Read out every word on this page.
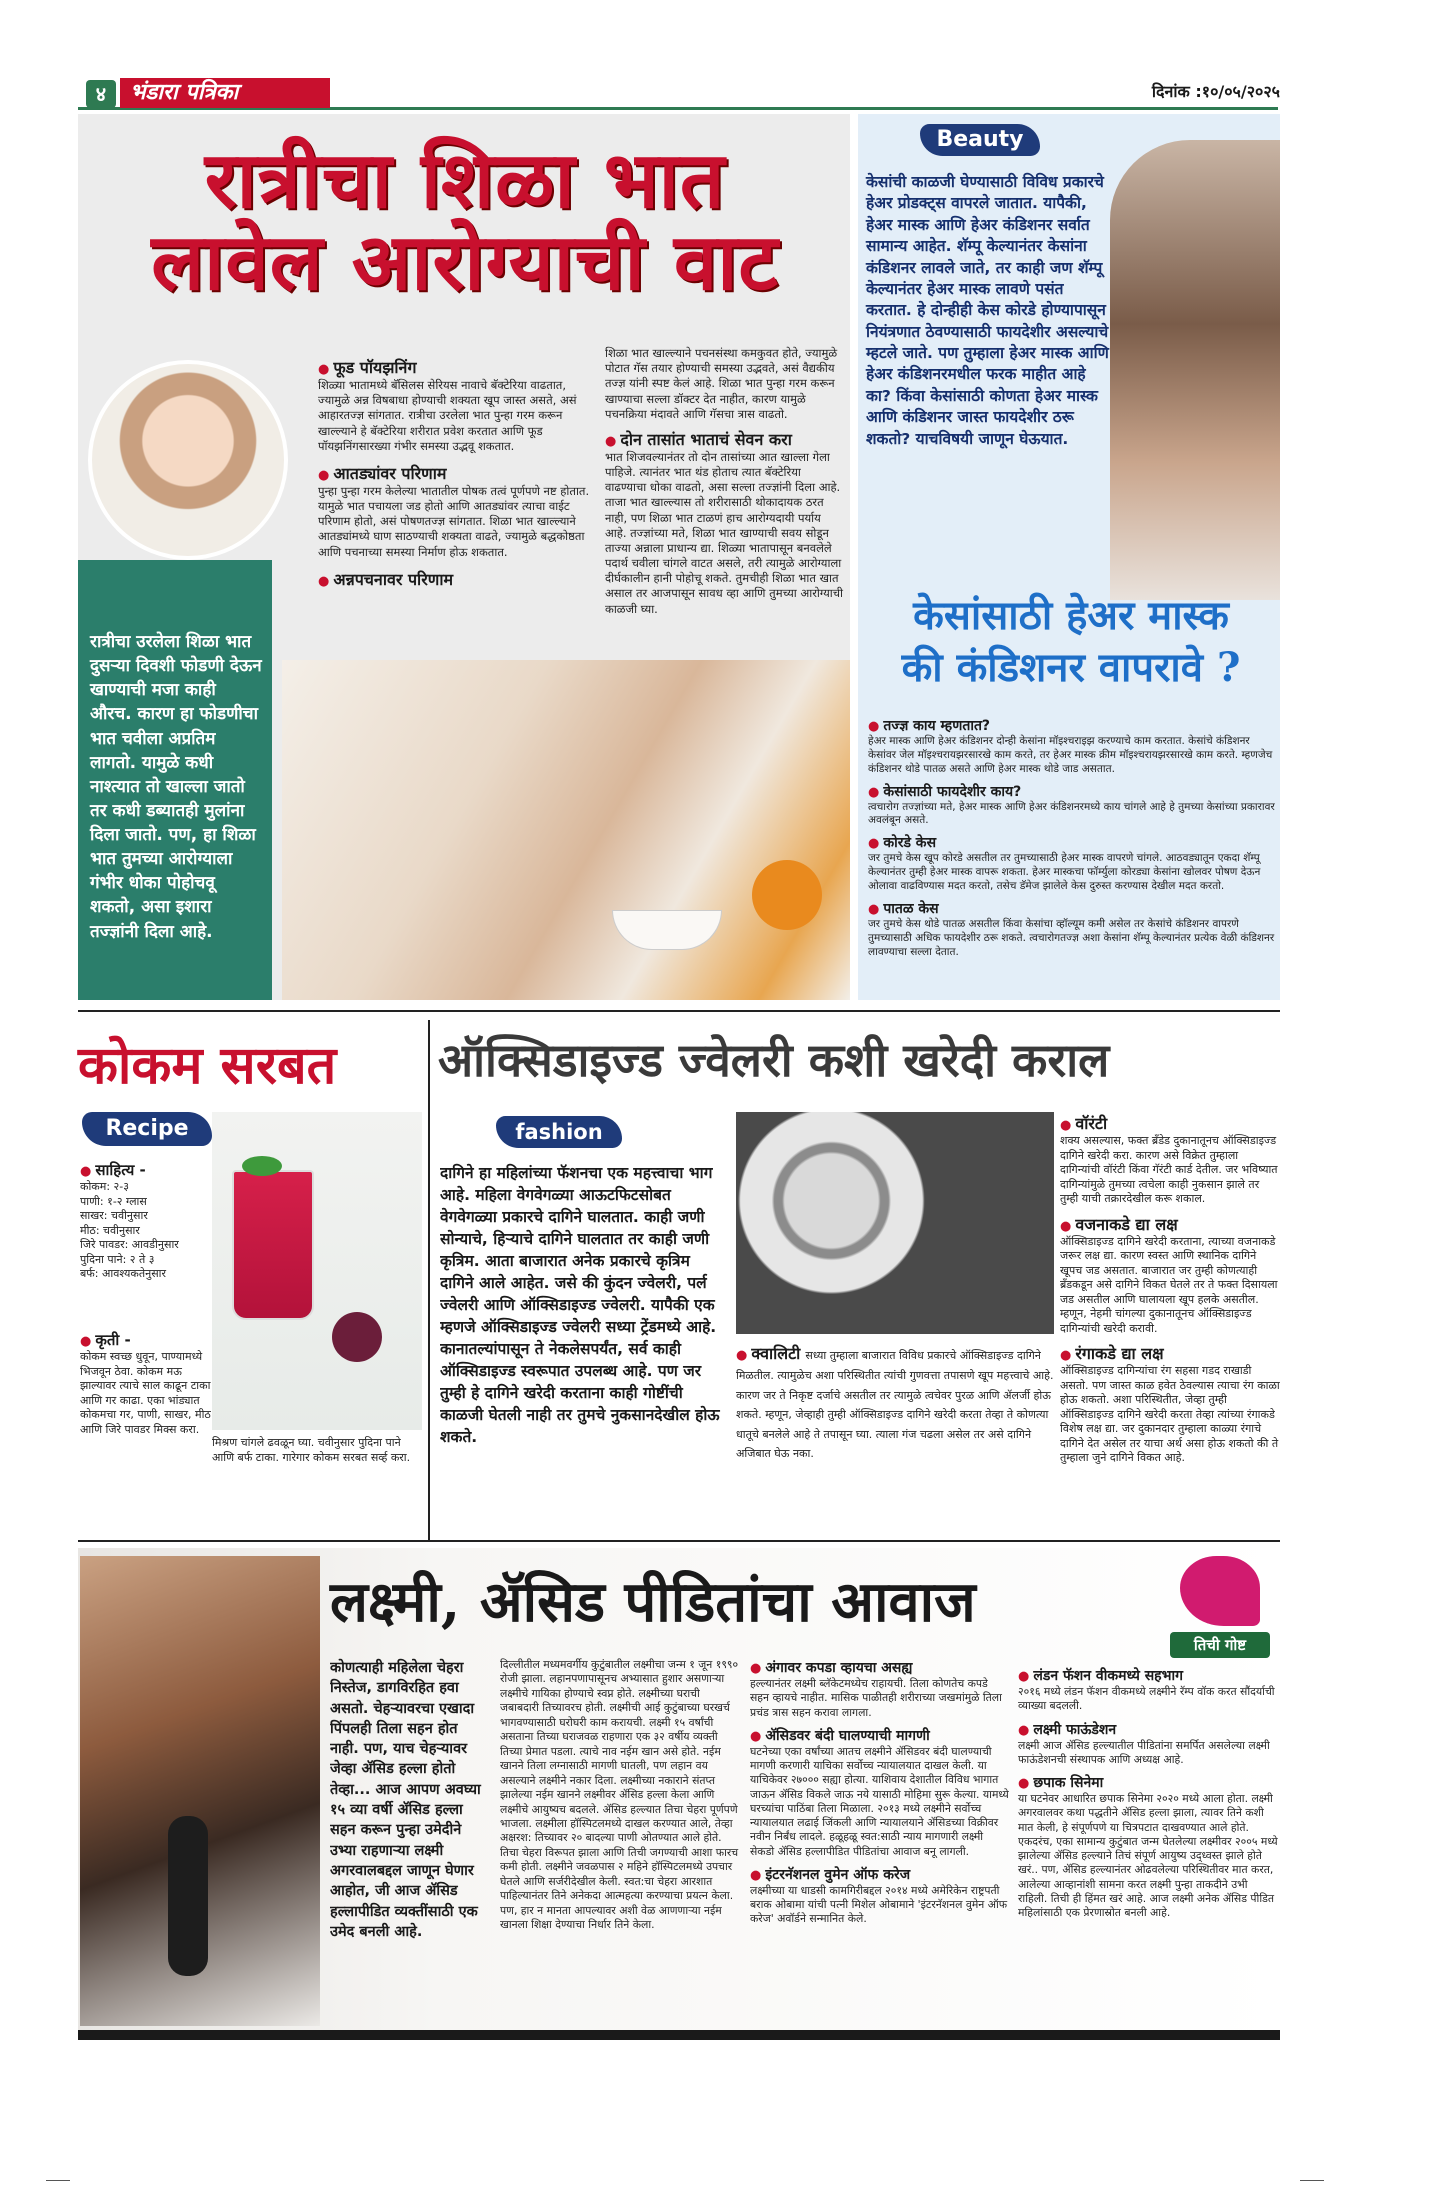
४	भंडारा पत्रिका	दिनांक :१०/०५/२०२५
रात्रीचा शिळा भात
लावेल आरोग्याची वाट
रात्रीचा उरलेला शिळा भात दुसऱ्या दिवशी फोडणी देऊन खाण्याची मजा काही औरच. कारण हा फोडणीचा भात चवीला अप्रतिम लागतो. यामुळे कधी नाश्त्यात तो खाल्ला जातो तर कधी डब्यातही मुलांना दिला जातो. पण, हा शिळा भात तुमच्या आरोग्याला गंभीर धोका पोहोचवू शकतो, असा इशारा तज्ज्ञांनी दिला आहे.
● फूड पॉयझनिंग
शिळ्या भातामध्ये बॅसिलस सेरियस नावाचे बॅक्टेरिया वाढतात, ज्यामुळे अन्न विषबाधा होण्याची शक्यता खूप जास्त असते, असं आहारतज्ज्ञ सांगतात. रात्रीचा उरलेला भात पुन्हा गरम करून खाल्ल्याने हे बॅक्टेरिया शरीरात प्रवेश करतात आणि फूड पॉयझनिंगसारख्या गंभीर समस्या उद्भवू शकतात.
● आतड्यांवर परिणाम
पुन्हा पुन्हा गरम केलेल्या भातातील पोषक तत्वं पूर्णपणे नष्ट होतात. यामुळे भात पचायला जड होतो आणि आतड्यांवर त्याचा वाईट परिणाम होतो, असं पोषणतज्ज्ञ सांगतात. शिळा भात खाल्ल्याने आतड्यांमध्ये घाण साठण्याची शक्यता वाढते, ज्यामुळे बद्धकोष्ठता आणि पचनाच्या समस्या निर्माण होऊ शकतात.
● अन्नपचनावर परिणाम
शिळा भात खाल्ल्याने पचनसंस्था कमकुवत होते, ज्यामुळे पोटात गॅस तयार होण्याची समस्या उद्भवते, असं वैद्यकीय तज्ज्ञ यांनी स्पष्ट केलं आहे. शिळा भात पुन्हा गरम करून खाण्याचा सल्ला डॉक्टर देत नाहीत, कारण यामुळे पचनक्रिया मंदावते आणि गॅसचा त्रास वाढतो.
● दोन तासांत भाताचं सेवन करा
भात शिजवल्यानंतर तो दोन तासांच्या आत खाल्ला गेला पाहिजे. त्यानंतर भात थंड होताच त्यात बॅक्टेरिया वाढण्याचा धोका वाढतो, असा सल्ला तज्ज्ञांनी दिला आहे. ताजा भात खाल्ल्यास तो शरीरासाठी थोकादायक ठरत नाही, पण शिळा भात टाळणं हाच आरोग्यदायी पर्याय आहे. तज्ज्ञांच्या मते, शिळा भात खाण्याची सवय सोडून ताज्या अन्नाला प्राधान्य द्या. शिळ्या भातापासून बनवलेले पदार्थ चवीला चांगले वाटत असले, तरी त्यामुळे आरोग्याला दीर्घकालीन हानी पोहोचू शकते. तुमचीही शिळा भात खात असाल तर आजपासून सावध व्हा आणि तुमच्या आरोग्याची काळजी घ्या.
Beauty
केसांची काळजी घेण्यासाठी विविध प्रकारचे हेअर प्रोडक्ट्स वापरले जातात. यापैकी, हेअर मास्क आणि हेअर कंडिशनर सर्वात सामान्य आहेत. शॅम्पू केल्यानंतर केसांना कंडिशनर लावले जाते, तर काही जण शॅम्पू केल्यानंतर हेअर मास्क लावणे पसंत करतात. हे दोन्हीही केस कोरडे होण्यापासून नियंत्रणात ठेवण्यासाठी फायदेशीर असल्याचे म्हटले जाते. पण तुम्हाला हेअर मास्क आणि हेअर कंडिशनरमधील फरक माहीत आहे का? किंवा केसांसाठी कोणता हेअर मास्क आणि कंडिशनर जास्त फायदेशीर ठरू शकतो? याचविषयी जाणून घेऊयात.
केसांसाठी हेअर मास्क
की कंडिशनर वापरावे ?
● तज्ज्ञ काय म्हणतात?
हेअर मास्क आणि हेअर कंडिशनर दोन्ही केसांना मॉइश्चराइझ करण्याचे काम करतात. केसांचे कंडिशनर केसांवर जेल मॉइश्चरायझरसारखे काम करते, तर हेअर मास्क क्रीम मॉइश्चरायझरसारखे काम करते. म्हणजेच कंडिशनर थोडे पातळ असते आणि हेअर मास्क थोडे जाड असतात.
● केसांसाठी फायदेशीर काय?
त्वचारोग तज्ज्ञांच्या मते, हेअर मास्क आणि हेअर कंडिशनरमध्ये काय चांगले आहे हे तुमच्या केसांच्या प्रकारावर अवलंबून असते.
● कोरडे केस
जर तुमचे केस खूप कोरडे असतील तर तुमच्यासाठी हेअर मास्क वापरणे चांगले. आठवड्यातून एकदा शॅम्पू केल्यानंतर तुम्ही हेअर मास्क वापरू शकता. हेअर मास्कचा फॉर्म्युला कोरड्या केसांना खोलवर पोषण देऊन ओलावा वाढविण्यास मदत करतो, तसेच डॅमेज झालेले केस दुरुस्त करण्यास देखील मदत करतो.
● पातळ केस
जर तुमचे केस थोडे पातळ असतील किंवा केसांचा व्हॉल्यूम कमी असेल तर केसांचे कंडिशनर वापरणे तुमच्यासाठी अधिक फायदेशीर ठरू शकते. त्वचारोगतज्ज्ञ अशा केसांना शॅम्पू केल्यानंतर प्रत्येक वेळी कंडिशनर लावण्याचा सल्ला देतात.
कोकम सरबत
Recipe
● साहित्य -
कोकम: २-३
पाणी: १-२ ग्लास
साखर: चवीनुसार
मीठ: चवीनुसार
जिरे पावडर: आवडीनुसार
पुदिना पाने: २ ते ३
बर्फ: आवश्यकतेनुसार
● कृती -
कोकम स्वच्छ धुवून, पाण्यामध्ये भिजवून ठेवा. कोकम मऊ झाल्यावर त्याचे साल काढून टाका आणि गर काढा. एका भांड्यात कोकमचा गर, पाणी, साखर, मीठ आणि जिरे पावडर मिक्स करा.
मिश्रण चांगले ढवळून घ्या. चवीनुसार पुदिना पाने आणि बर्फ टाका. गारेगार कोकम सरबत सर्व्ह करा.
ऑक्सिडाइज्ड ज्वेलरी कशी खरेदी कराल
fashion
दागिने हा महिलांच्या फॅशनचा एक महत्त्वाचा भाग आहे. महिला वेगवेगळ्या आऊटफिटसोबत वेगवेगळ्या प्रकारचे दागिने घालतात. काही जणी सोन्याचे, हिऱ्याचे दागिने घालतात तर काही जणी कृत्रिम. आता बाजारात अनेक प्रकारचे कृत्रिम दागिने आले आहेत. जसे की कुंदन ज्वेलरी, पर्ल ज्वेलरी आणि ऑक्सिडाइज्ड ज्वेलरी. यापैकी एक म्हणजे ऑक्सिडाइज्ड ज्वेलरी सध्या ट्रेंडमध्ये आहे. कानातल्यांपासून ते नेकलेसपर्यंत, सर्व काही ऑक्सिडाइज्ड स्वरूपात उपलब्ध आहे. पण जर तुम्ही हे दागिने खरेदी करताना काही गोष्टींची काळजी घेतली नाही तर तुमचे नुकसानदेखील होऊ शकते.
● क्वालिटी सध्या तुम्हाला बाजारात विविध प्रकारचे ऑक्सिडाइज्ड दागिने मिळतील. त्यामुळेच अशा परिस्थितीत त्यांची गुणवत्ता तपासणे खूप महत्त्वाचे आहे. कारण जर ते निकृष्ट दर्जाचे असतील तर त्यामुळे त्वचेवर पुरळ आणि ॲलर्जी होऊ शकते. म्हणून, जेव्हाही तुम्ही ऑक्सिडाइज्ड दागिने खरेदी करता तेव्हा ते कोणत्या धातूचे बनलेले आहे ते तपासून घ्या. त्याला गंज चढला असेल तर असे दागिने अजिबात घेऊ नका.
● वॉरंटी
शक्य असल्यास, फक्त ब्रँडेड दुकानातूनच ऑक्सिडाइज्ड दागिने खरेदी करा. कारण असे विक्रेत तुम्हाला दागिन्यांची वॉरंटी किंवा गॅरंटी कार्ड देतील. जर भविष्यात दागिन्यांमुळे तुमच्या त्वचेला काही नुकसान झाले तर तुम्ही याची तक्रारदेखील करू शकाल.
● वजनाकडे द्या लक्ष
ऑक्सिडाइज्ड दागिने खरेदी करताना, त्याच्या वजनाकडे जरूर लक्ष द्या. कारण स्वस्त आणि स्थानिक दागिने खूपच जड असतात. बाजारात जर तुम्ही कोणत्याही ब्रँडकडून असे दागिने विकत घेतले तर ते फक्त दिसायला जड असतील आणि घालायला खूप हलके असतील. म्हणून, नेहमी चांगल्या दुकानातूनच ऑक्सिडाइज्ड दागिन्यांची खरेदी करावी.
● रंगाकडे द्या लक्ष
ऑक्सिडाइज्ड दागिन्यांचा रंग सहसा गडद राखाडी असतो. पण जास्त काळ हवेत ठेवल्यास त्याचा रंग काळा होऊ शकतो. अशा परिस्थितीत, जेव्हा तुम्ही ऑक्सिडाइज्ड दागिने खरेदी करता तेव्हा त्यांच्या रंगाकडे विशेष लक्ष द्या. जर दुकानदार तुम्हाला काळ्या रंगाचे दागिने देत असेल तर याचा अर्थ असा होऊ शकतो की ते तुम्हाला जुने दागिने विकत आहे.
लक्ष्मी, ॲसिड पीडितांचा आवाज
तिची गोष्ट
कोणत्याही महिलेला चेहरा निस्तेज, डागविरहित हवा असतो. चेहऱ्यावरचा एखादा पिंपलही तिला सहन होत नाही. पण, याच चेहऱ्यावर जेव्हा ॲसिड हल्ला होतो तेव्हा... आज आपण अवघ्या १५ व्या वर्षी ॲसिड हल्ला सहन करून पुन्हा उमेदीने उभ्या राहणाऱ्या लक्ष्मी अगरवालबद्दल जाणून घेणार आहोत, जी आज ॲसिड हल्लापीडित व्यक्तींसाठी एक उमेद बनली आहे.
दिल्लीतील मध्यमवर्गीय कुटुंबातील लक्ष्मीचा जन्म १ जून १९९० रोजी झाला. लहानपणापासूनच अभ्यासात हुशार असणाऱ्या लक्ष्मीचे गायिका होण्याचे स्वप्न होते. लक्ष्मीच्या घराची जबाबदारी तिच्यावरच होती. लक्ष्मीची आई कुटुंबाच्या घरखर्च भागवण्यासाठी घरोघरी काम करायची. लक्ष्मी १५ वर्षांची असताना तिच्या घराजवळ राहणारा एक ३२ वर्षीय व्यक्ती तिच्या प्रेमात पडला. त्याचे नाव नईम खान असे होते. नईम खानने तिला लग्नासाठी मागणी घातली, पण लहान वय असल्याने लक्ष्मीने नकार दिला. लक्ष्मीच्या नकाराने संतप्त झालेल्या नईम खानने लक्ष्मीवर ॲसिड हल्ला केला आणि लक्ष्मीचे आयुष्यच बदलले. ॲसिड हल्ल्यात तिचा चेहरा पूर्णपणे भाजला. लक्ष्मीला हॉस्पिटलमध्ये दाखल करण्यात आले, तेव्हा अक्षरश: तिच्यावर २० बादल्या पाणी ओतण्यात आले होते. तिचा चेहरा विरूपत झाला आणि तिची जगण्याची आशा फारच कमी होती. लक्ष्मीने जवळपास २ महिने हॉस्पिटलमध्ये उपचार घेतले आणि सर्जरीदेखील केली. स्वत:चा चेहरा आरशात पाहिल्यानंतर तिने अनेकदा आत्महत्या करण्याचा प्रयत्न केला. पण, हार न मानता आपल्यावर अशी वेळ आणणाऱ्या नईम खानला शिक्षा देण्याचा निर्धार तिने केला.
● अंगावर कपडा व्हायचा असह्य
हल्ल्यानंतर लक्ष्मी ब्लॅकेटमध्येच राहायची. तिला कोणतेच कपडे सहन व्हायचे नाहीत. मासिक पाळीतही शरीराच्या जखमांमुळे तिला प्रचंड त्रास सहन करावा लागला.
● ॲसिडवर बंदी घालण्याची मागणी
घटनेच्या एका वर्षांच्या आतच लक्ष्मीने ॲसिडवर बंदी घालण्याची मागणी करणारी याचिका सर्वोच्च न्यायालयात दाखल केली. या याचिकेवर २७००० सह्या होत्या. याशिवाय देशातील विविध भागात जाऊन ॲसिड विकले जाऊ नये यासाठी मोहिमा सुरू केल्या. यामध्ये घरच्यांचा पाठिंबा तिला मिळाला. २०१३ मध्ये लक्ष्मीने सर्वोच्च न्यायालयात लढाई जिंकली आणि न्यायालयाने ॲसिडच्या विक्रीवर नवीन निर्बंध लादले. हळूहळू स्वत:साठी न्याय मागणारी लक्ष्मी सेकडो ॲसिड हल्लापीडित पीडितांचा आवाज बनू लागली.
● इंटरनॅशनल वुमेन ऑफ करेज
लक्ष्मीच्या या धाडसी कामगिरीबद्दल २०१४ मध्ये अमेरिकेन राष्ट्रपती बराक ओबामा यांची पत्नी मिशेल ओबामाने 'इंटरनॅशनल वुमेन ऑफ करेज' अवॉर्डने सन्मानित केले.
● लंडन फॅशन वीकमध्ये सहभाग
२०१६ मध्ये लंडन फॅशन वीकमध्ये लक्ष्मीने रॅम्प वॉक करत सौंदर्याची व्याख्या बदलली.
● लक्ष्मी फाऊंडेशन
लक्ष्मी आज ॲसिड हल्ल्यातील पीडितांना समर्पित असलेल्या लक्ष्मी फाऊंडेशनची संस्थापक आणि अध्यक्ष आहे.
● छपाक सिनेमा
या घटनेवर आधारित छपाक सिनेमा २०२० मध्ये आला होता. लक्ष्मी अगरवालवर कथा पद्धतीने ॲसिड हल्ला झाला, त्यावर तिने कशी मात केली, हे संपूर्णपणे या चित्रपटात दाखवण्यात आले होते. एकदरंच, एका सामान्य कुटुंबात जन्म घेतलेल्या लक्ष्मीवर २००५ मध्ये झालेल्या ॲसिड हल्ल्याने तिचं संपूर्ण आयुष्य उद्ध्वस्त झाले होते खरं.. पण, ॲसिड हल्ल्यानंतर ओढवलेल्या परिस्थितीवर मात करत, आलेल्या आव्हानांशी सामना करत लक्ष्मी पुन्हा ताकदीने उभी राहिली. तिची ही हिंमत खरं आहे. आज लक्ष्मी अनेक ॲसिड पीडित महिलांसाठी एक प्रेरणास्रोत बनली आहे.
